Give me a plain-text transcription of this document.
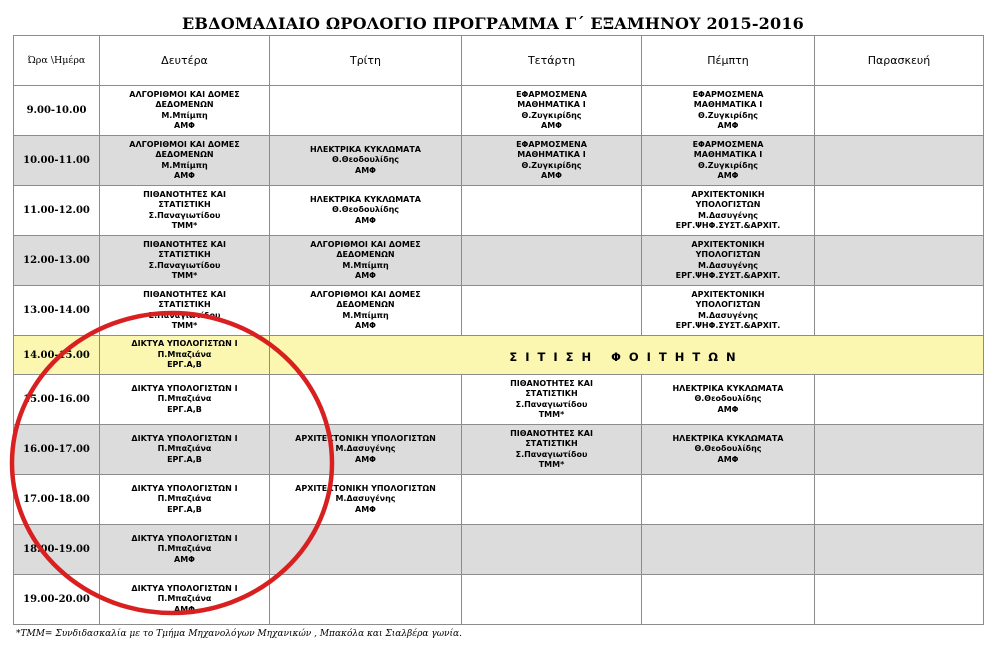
ΕΒΔΟΜΑΔΙΑΙΟ ΩΡΟΛΟΓΙΟ ΠΡΟΓΡΑΜΜΑ Γ΄ ΕΞΑΜΗΝΟΥ 2015-2016
Ώρα \Ημέρα	Δευτέρα	Τρίτη	Τετάρτη	Πέμπτη	Παρασκευή
9.00-10.00	ΑΛΓΟΡΙΘΜΟΙ ΚΑΙ ΔΟΜΕΣ
ΔΕΔΟΜΕΝΩΝ
Μ.Μπίμπη
ΑΜΦ		ΕΦΑΡΜΟΣΜΕΝΑ
ΜΑΘΗΜΑΤΙΚΑ Ι
Θ.Ζυγκιρίδης
ΑΜΦ	ΕΦΑΡΜΟΣΜΕΝΑ
ΜΑΘΗΜΑΤΙΚΑ Ι
Θ.Ζυγκιρίδης
ΑΜΦ	

10.00-11.00	ΑΛΓΟΡΙΘΜΟΙ ΚΑΙ ΔΟΜΕΣ
ΔΕΔΟΜΕΝΩΝ
Μ.Μπίμπη
ΑΜΦ	ΗΛΕΚΤΡΙΚΑ ΚΥΚΛΩΜΑΤΑ
Θ.Θεοδουλίδης
ΑΜΦ	ΕΦΑΡΜΟΣΜΕΝΑ
ΜΑΘΗΜΑΤΙΚΑ Ι
Θ.Ζυγκιρίδης
ΑΜΦ	ΕΦΑΡΜΟΣΜΕΝΑ
ΜΑΘΗΜΑΤΙΚΑ Ι
Θ.Ζυγκιρίδης
ΑΜΦ	

11.00-12.00	ΠΙΘΑΝΟΤΗΤΕΣ ΚΑΙ
ΣΤΑΤΙΣΤΙΚΗ
Σ.Παναγιωτίδου
ΤΜΜ*	ΗΛΕΚΤΡΙΚΑ ΚΥΚΛΩΜΑΤΑ
Θ.Θεοδουλίδης
ΑΜΦ		ΑΡΧΙΤΕΚΤΟΝΙΚΗ
ΥΠΟΛΟΓΙΣΤΩΝ
Μ.Δασυγένης
ΕΡΓ.ΨΗΦ.ΣΥΣΤ.&ΑΡΧΙΤ.	

12.00-13.00	ΠΙΘΑΝΟΤΗΤΕΣ ΚΑΙ
ΣΤΑΤΙΣΤΙΚΗ
Σ.Παναγιωτίδου
ΤΜΜ*	ΑΛΓΟΡΙΘΜΟΙ ΚΑΙ ΔΟΜΕΣ
ΔΕΔΟΜΕΝΩΝ
Μ.Μπίμπη
ΑΜΦ		ΑΡΧΙΤΕΚΤΟΝΙΚΗ
ΥΠΟΛΟΓΙΣΤΩΝ
Μ.Δασυγένης
ΕΡΓ.ΨΗΦ.ΣΥΣΤ.&ΑΡΧΙΤ.	

13.00-14.00	ΠΙΘΑΝΟΤΗΤΕΣ ΚΑΙ
ΣΤΑΤΙΣΤΙΚΗ
Σ.Παναγιωτίδου
ΤΜΜ*	ΑΛΓΟΡΙΘΜΟΙ ΚΑΙ ΔΟΜΕΣ
ΔΕΔΟΜΕΝΩΝ
Μ.Μπίμπη
ΑΜΦ		ΑΡΧΙΤΕΚΤΟΝΙΚΗ
ΥΠΟΛΟΓΙΣΤΩΝ
Μ.Δασυγένης
ΕΡΓ.ΨΗΦ.ΣΥΣΤ.&ΑΡΧΙΤ.	

14.00-15.00	ΔΙΚΤΥΑ ΥΠΟΛΟΓΙΣΤΩΝ Ι
Π.Μπαζιάνα
ΕΡΓ.Α,Β	ΣΙΤΙΣΗ ΦΟΙΤΗΤΩΝ			
15.00-16.00	ΔΙΚΤΥΑ ΥΠΟΛΟΓΙΣΤΩΝ Ι
Π.Μπαζιάνα
ΕΡΓ.Α,Β		ΠΙΘΑΝΟΤΗΤΕΣ ΚΑΙ
ΣΤΑΤΙΣΤΙΚΗ
Σ.Παναγιωτίδου
ΤΜΜ*	ΗΛΕΚΤΡΙΚΑ ΚΥΚΛΩΜΑΤΑ
Θ.Θεοδουλίδης
ΑΜΦ	

16.00-17.00	ΔΙΚΤΥΑ ΥΠΟΛΟΓΙΣΤΩΝ Ι
Π.Μπαζιάνα
ΕΡΓ.Α,Β	ΑΡΧΙΤΕΚΤΟΝΙΚΗ ΥΠΟΛΟΓΙΣΤΩΝ
Μ.Δασυγένης
ΑΜΦ	ΠΙΘΑΝΟΤΗΤΕΣ ΚΑΙ
ΣΤΑΤΙΣΤΙΚΗ
Σ.Παναγιωτίδου
ΤΜΜ*	ΗΛΕΚΤΡΙΚΑ ΚΥΚΛΩΜΑΤΑ
Θ.Θεοδουλίδης
ΑΜΦ	

17.00-18.00	ΔΙΚΤΥΑ ΥΠΟΛΟΓΙΣΤΩΝ Ι
Π.Μπαζιάνα
ΕΡΓ.Α,Β	ΑΡΧΙΤΕΚΤΟΝΙΚΗ ΥΠΟΛΟΓΙΣΤΩΝ
Μ.Δασυγένης
ΑΜΦ			

18.00-19.00	ΔΙΚΤΥΑ ΥΠΟΛΟΓΙΣΤΩΝ Ι
Π.Μπαζιάνα
ΑΜΦ				

19.00-20.00	ΔΙΚΤΥΑ ΥΠΟΛΟΓΙΣΤΩΝ Ι
Π.Μπαζιάνα
ΑΜΦ				

*ΤΜΜ= Συνδιδασκαλία με το Τμήμα Μηχανολόγων Μηχανικών , Μπακόλα και Σιαλβέρα γωνία.
